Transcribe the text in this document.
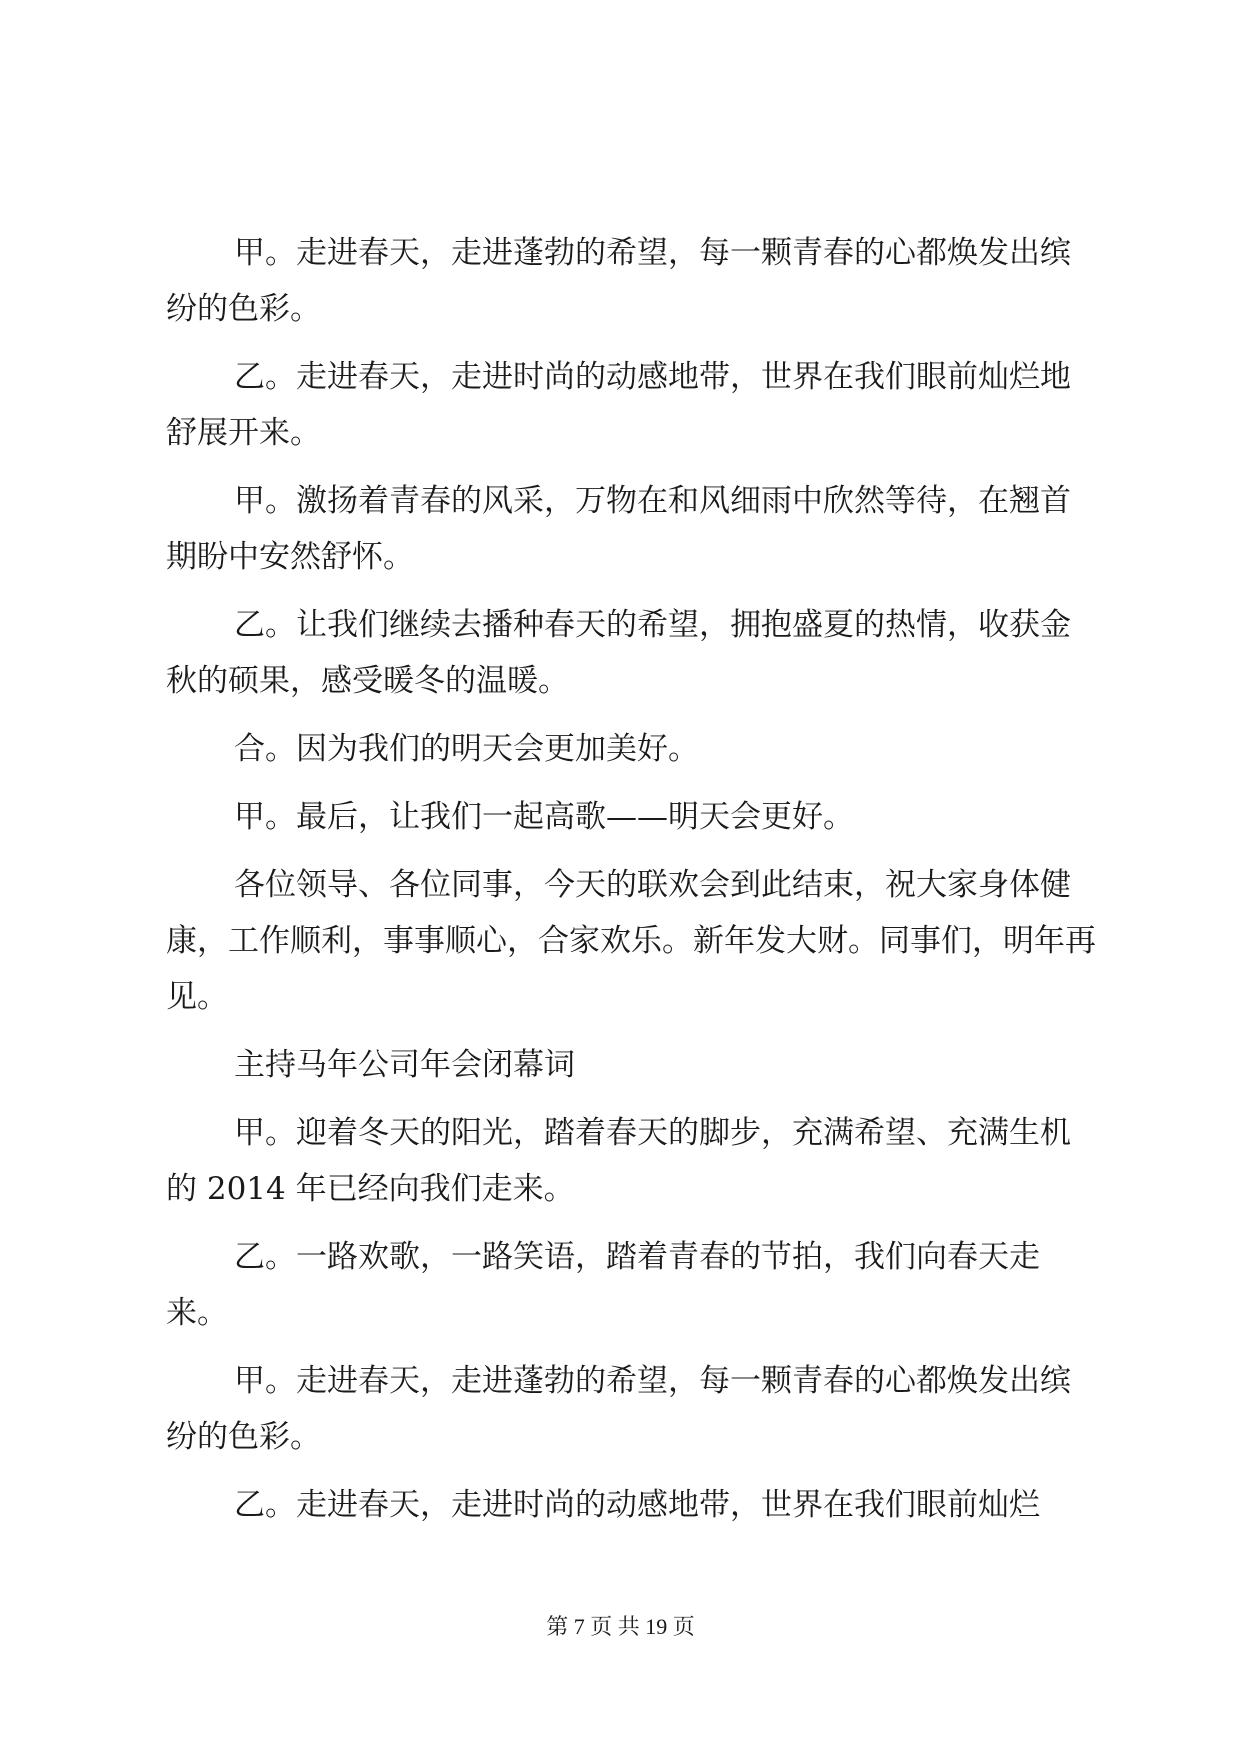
甲。走进春天，走进蓬勃的希望，每一颗青春的心都焕发出缤纷的色彩。

乙。走进春天，走进时尚的动感地带，世界在我们眼前灿烂地舒展开来。

甲。激扬着青春的风采，万物在和风细雨中欣然等待，在翘首期盼中安然舒怀。

乙。让我们继续去播种春天的希望，拥抱盛夏的热情，收获金秋的硕果，感受暖冬的温暖。

合。因为我们的明天会更加美好。

甲。最后，让我们一起高歌——明天会更好。

各位领导、各位同事，今天的联欢会到此结束，祝大家身体健康，工作顺利，事事顺心，合家欢乐。新年发大财。同事们，明年再见。

主持马年公司年会闭幕词

甲。迎着冬天的阳光，踏着春天的脚步，充满希望、充满生机的 2014 年已经向我们走来。

乙。一路欢歌，一路笑语，踏着青春的节拍，我们向春天走来。

甲。走进春天，走进蓬勃的希望，每一颗青春的心都焕发出缤纷的色彩。

乙。走进春天，走进时尚的动感地带，世界在我们眼前灿烂

第 7 页 共 19 页
